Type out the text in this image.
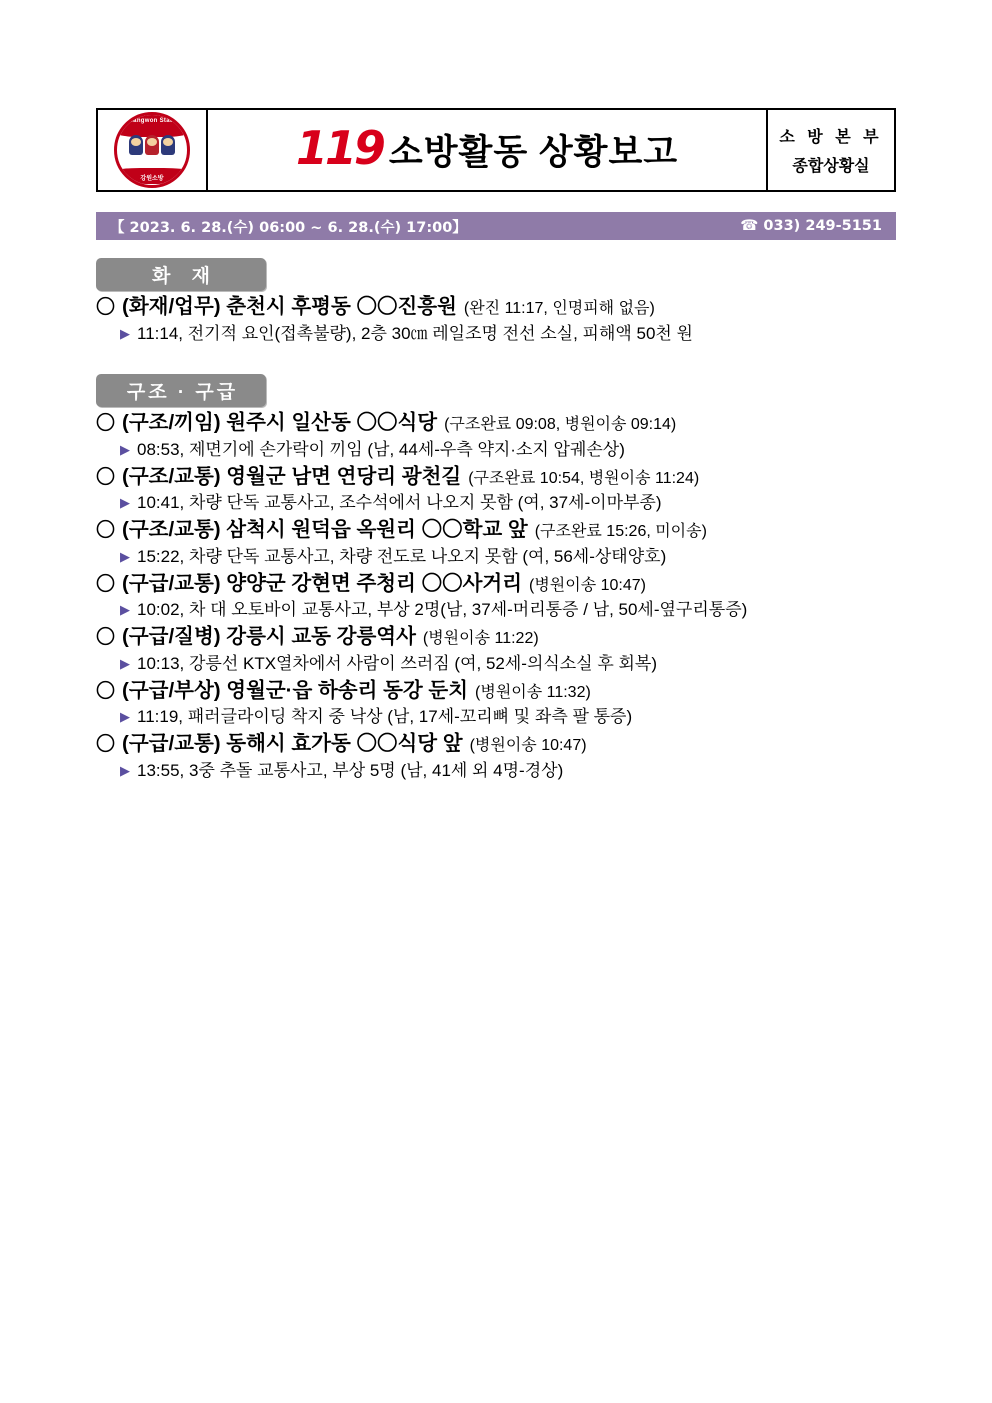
Gangwon State
강원소방
119 소방활동 상황보고	소 방 본 부
종합상황실
【 2023. 6. 28.(수) 06:00 ~ 6. 28.(수) 17:00】	☎ 033) 249-5151
화 재
구조 · 구급
〇 (화재/업무) 춘천시 후평동 〇〇진흥원 (완진 11:17, 인명피해 없음)
▶ 11:14, 전기적 요인(접촉불량), 2층 30㎝ 레일조명 전선 소실, 피해액 50천 원
〇 (구조/끼임) 원주시 일산동 〇〇식당 (구조완료 09:08, 병원이송 09:14)
▶ 08:53, 제면기에 손가락이 끼임 (남, 44세-우측 약지·소지 압궤손상)
〇 (구조/교통) 영월군 남면 연당리 광천길 (구조완료 10:54, 병원이송 11:24)
▶ 10:41, 차량 단독 교통사고, 조수석에서 나오지 못함 (여, 37세-이마부종)
〇 (구조/교통) 삼척시 원덕읍 옥원리 〇〇학교 앞 (구조완료 15:26, 미이송)
▶ 15:22, 차량 단독 교통사고, 차량 전도로 나오지 못함 (여, 56세-상태양호)
〇 (구급/교통) 양양군 강현면 주청리 〇〇사거리 (병원이송 10:47)
▶ 10:02, 차 대 오토바이 교통사고, 부상 2명(남, 37세-머리통증 / 남, 50세-옆구리통증)
〇 (구급/질병) 강릉시 교동 강릉역사 (병원이송 11:22)
▶ 10:13, 강릉선 KTX열차에서 사람이 쓰러짐 (여, 52세-의식소실 후 회복)
〇 (구급/부상) 영월군·읍 하송리 동강 둔치 (병원이송 11:32)
▶ 11:19, 패러글라이딩 착지 중 낙상 (남, 17세-꼬리뼈 및 좌측 팔 통증)
〇 (구급/교통) 동해시 효가동 〇〇식당 앞 (병원이송 10:47)
▶ 13:55, 3중 추돌 교통사고, 부상 5명 (남, 41세 외 4명-경상)
